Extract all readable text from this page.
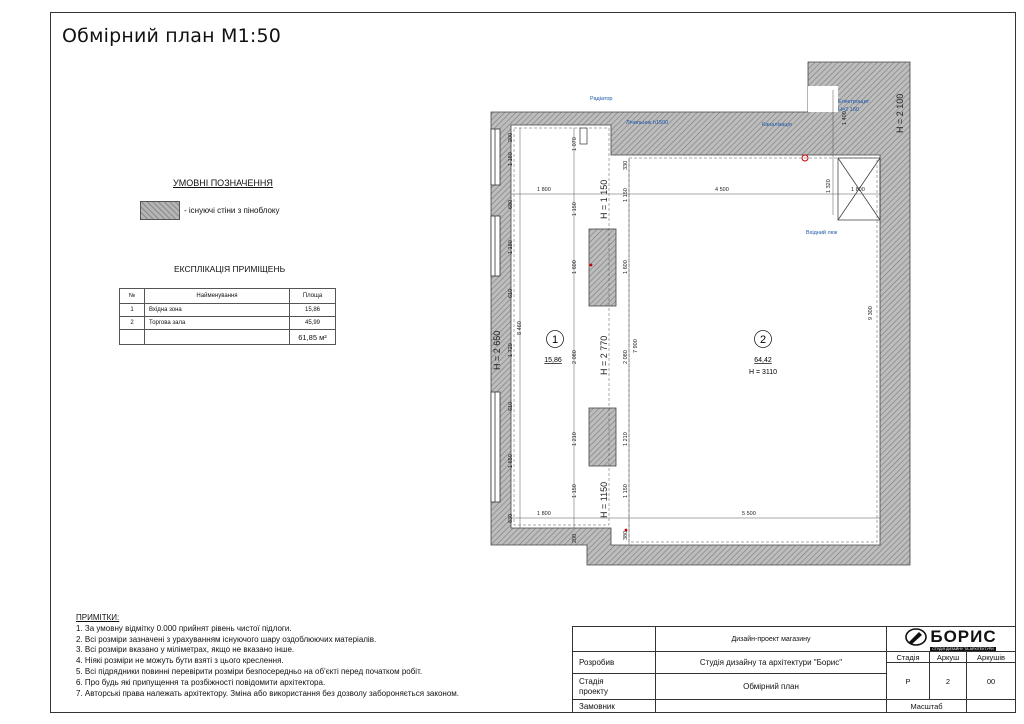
Обмірний план М1:50
УМОВНІ ПОЗНАЧЕННЯ
- існуючі стіни з піноблоку
ЕКСПЛІКАЦІЯ ПРИМІЩЕНЬ
№	Найменування	Площа
1	Вхідна зона	15,86
2	Торгова зала	45,99
		61,85 м²
ПРИМІТКИ:
1. За умовну відмітку 0.000 прийнят рівень чистої підлоги.
2. Всі розміри зазначені з урахуванням існуючого шару оздоблюючих матеріалів.
3. Всі розміри вказано у міліметрах, якщо не вказано інше.
4. Ніякі розміри не можуть бути взяті з цього креслення.
5. Всі підрядники повинні перевірити розміри безпосередньо на об'єкті перед початком робіт.
6. Про будь які припущення та розбіжності повідомити архітектора.
7. Авторські права належать архітектору. Зміна або використання без дозволу забороняється законом.
Дизайн-проект магазину
Розробив	Студія дизайну та архітектури "Борис"
Стадія
проекту	Обмірний план
Замовник
БОРИС
СТУДІЯ ДИЗАЙНУ ТА АРХІТЕКТУРИ
Стадія	Аркуш	Аркушів
Р	2	00
Масштаб
Радіатор
Лічильник h1500	Каналізація
Електрощит
H=2 160
Вхідний люк
1 800	4 500	1 800
1 800	5 500
9 300
8 460
7 900
200
1 180
680
1 180
610
1 720
610
1 650
630
200
1 070
330
1 150
1 600
2 080
1 210
1 150
1 150
1 600
2 080
1 210
1 150
380
1 400
1 320
H = 2 650
H = 1 150
H = 2 770
H = 1150
H = 2 100
1
15,86
2
64,42
H = 3110
